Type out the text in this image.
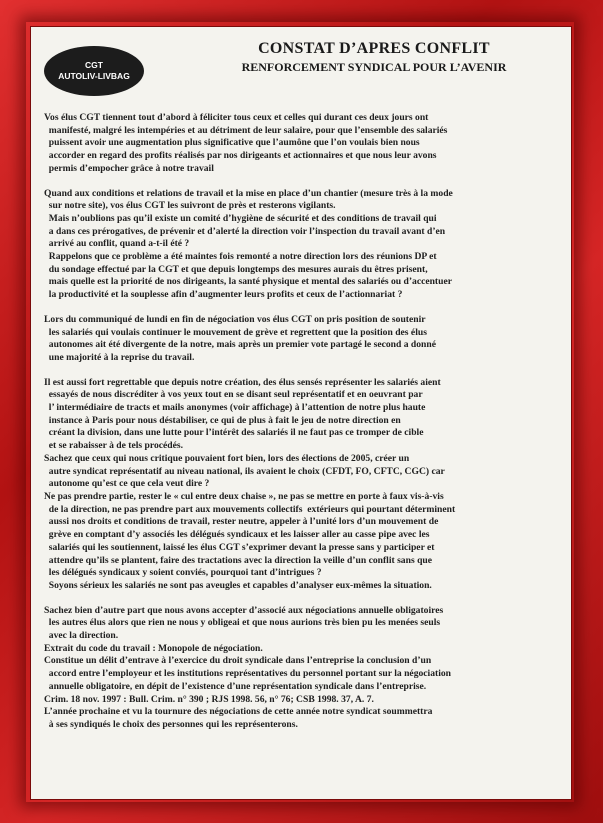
CGT
AUTOLIV-LIVBAG
CONSTAT D’APRES CONFLIT
RENFORCEMENT SYNDICAL POUR L’AVENIR
Vos élus CGT tiennent tout d’abord à féliciter tous ceux et celles qui durant ces deux jours ont
manifesté, malgré les intempéries et au détriment de leur salaire, pour que l’ensemble des salariés
puissent avoir une augmentation plus significative que l’aumône que l’on voulais bien nous
accorder en regard des profits réalisés par nos dirigeants et actionnaires et que nous leur avons
permis d’empocher grâce à notre travail
Quand aux conditions et relations de travail et la mise en place d’un chantier (mesure très à la mode
sur notre site), vos élus CGT les suivront de près et resterons vigilants.
Mais n’oublions pas qu’il existe un comité d’hygiène de sécurité et des conditions de travail qui
a dans ces prérogatives, de prévenir et d’alerté la direction voir l’inspection du travail avant d’en
arrivé au conflit, quand a-t-il été ?
Rappelons que ce problème a été maintes fois remonté a notre direction lors des réunions DP et
du sondage effectué par la CGT et que depuis longtemps des mesures aurais du êtres prisent,
mais quelle est la priorité de nos dirigeants, la santé physique et mental des salariés ou d’accentuer
la productivité et la souplesse afin d’augmenter leurs profits et ceux de l’actionnariat ?
Lors du communiqué de lundi en fin de négociation vos élus CGT on pris position de soutenir
les salariés qui voulais continuer le mouvement de grève et regrettent que la position des élus
autonomes ait été divergente de la notre, mais après un premier vote partagé le second a donné
une majorité à la reprise du travail.
Il est aussi fort regrettable que depuis notre création, des élus sensés représenter les salariés aient
essayés de nous discréditer à vos yeux tout en se disant seul représentatif et en oeuvrant par
l’ intermédiaire de tracts et mails anonymes (voir affichage) à l’attention de notre plus haute
instance à Paris pour nous déstabiliser, ce qui de plus à fait le jeu de notre direction en
créant la division, dans une lutte pour l’intérêt des salariés il ne faut pas ce tromper de cible
et se rabaisser à de tels procédés.
Sachez que ceux qui nous critique pouvaient fort bien, lors des élections de 2005, créer un
autre syndicat représentatif au niveau national, ils avaient le choix (CFDT, FO, CFTC, CGC) car
autonome qu’est ce que cela veut dire ?
Ne pas prendre partie, rester le « cul entre deux chaise », ne pas se mettre en porte à faux vis-à-vis
de la direction, ne pas prendre part aux mouvements collectifs  extérieurs qui pourtant déterminent
aussi nos droits et conditions de travail, rester neutre, appeler à l’unité lors d’un mouvement de
grève en comptant d’y associés les délégués syndicaux et les laisser aller au casse pipe avec les
salariés qui les soutiennent, laissé les élus CGT s’exprimer devant la presse sans y participer et
attendre qu’ils se plantent, faire des tractations avec la direction la veille d’un conflit sans que
les délégués syndicaux y soient conviés, pourquoi tant d’intrigues ?
Soyons sérieux les salariés ne sont pas aveugles et capables d’analyser eux-mêmes la situation.
Sachez bien d’autre part que nous avons accepter d’associé aux négociations annuelle obligatoires
les autres élus alors que rien ne nous y obligeai et que nous aurions très bien pu les menées seuls
avec la direction.
Extrait du code du travail : Monopole de négociation.
Constitue un délit d’entrave à l’exercice du droit syndicale dans l’entreprise la conclusion d’un
accord entre l’employeur et les institutions représentatives du personnel portant sur la négociation
annuelle obligatoire, en dépit de l’existence d’une représentation syndicale dans l’entreprise.
Crim. 18 nov. 1997 : Bull. Crim. n° 390 ; RJS 1998. 56, n° 76; CSB 1998. 37, A. 7.
L’année prochaine et vu la tournure des négociations de cette année notre syndicat soummettra
à ses syndiqués le choix des personnes qui les représenterons.
